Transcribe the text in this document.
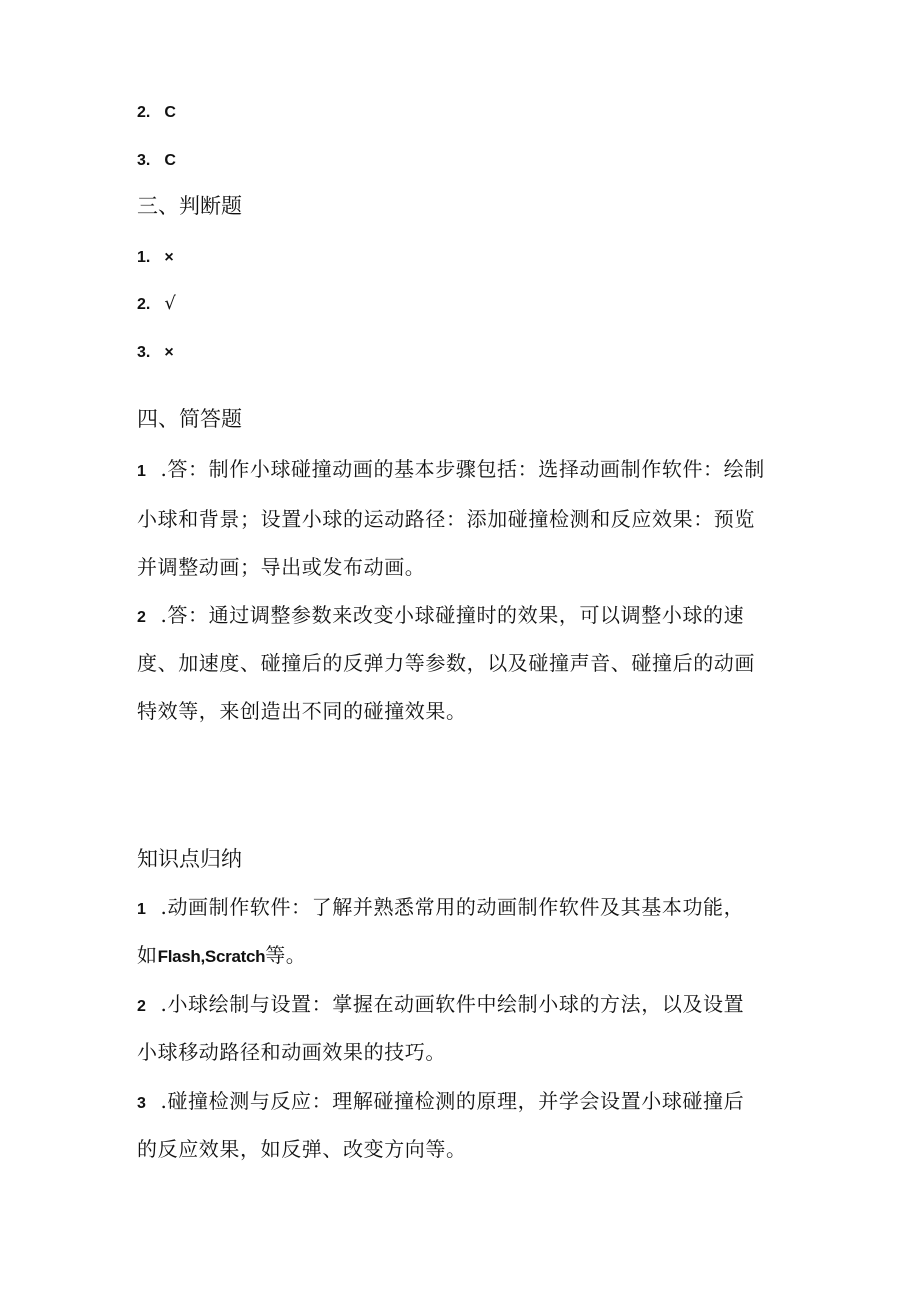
2. C
3. C
三、判断题
1. ×
2. √
3. ×
四、简答题
1 .答：制作小球碰撞动画的基本步骤包括：选择动画制作软件：绘制
小球和背景；设置小球的运动路径：添加碰撞检测和反应效果：预览
并调整动画；导出或发布动画。
2 .答：通过调整参数来改变小球碰撞时的效果，可以调整小球的速
度、加速度、碰撞后的反弹力等参数，以及碰撞声音、碰撞后的动画
特效等，来创造出不同的碰撞效果。
知识点归纳
1 .动画制作软件：了解并熟悉常用的动画制作软件及其基本功能，
如Flash,Scratch等。
2 .小球绘制与设置：掌握在动画软件中绘制小球的方法，以及设置
小球移动路径和动画效果的技巧。
3 .碰撞检测与反应：理解碰撞检测的原理，并学会设置小球碰撞后
的反应效果，如反弹、改变方向等。
